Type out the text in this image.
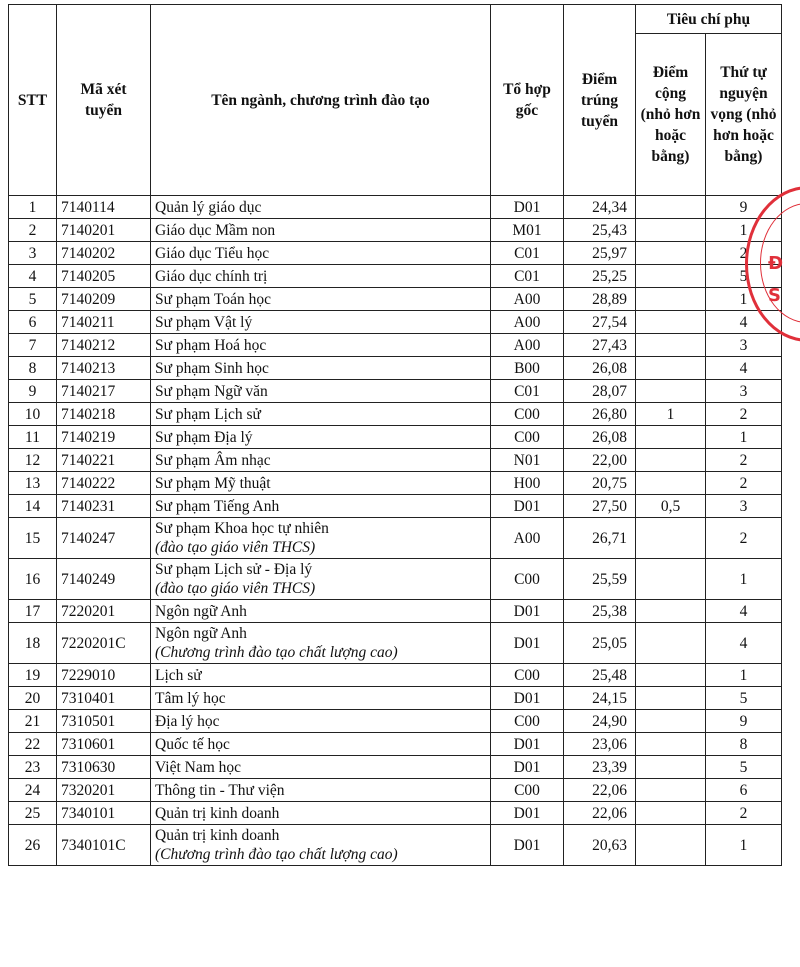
STT	Mã xét tuyển	Tên ngành, chương trình đào tạo	Tổ hợp gốc	Điểm trúng tuyển	Tiêu chí phụ	
					Điểm cộng (nhỏ hơn hoặc bằng)	Thứ tự nguyện vọng (nhỏ hơn hoặc bằng)
1	7140114	Quản lý giáo dục	D01	24,34		9
2	7140201	Giáo dục Mầm non	M01	25,43		1
3	7140202	Giáo dục Tiểu học	C01	25,97		2
4	7140205	Giáo dục chính trị	C01	25,25		5
5	7140209	Sư phạm Toán học	A00	28,89		1
6	7140211	Sư phạm Vật lý	A00	27,54		4
7	7140212	Sư phạm Hoá học	A00	27,43		3
8	7140213	Sư phạm Sinh học	B00	26,08		4
9	7140217	Sư phạm Ngữ văn	C01	28,07		3
10	7140218	Sư phạm Lịch sử	C00	26,80	1	2
11	7140219	Sư phạm Địa lý	C00	26,08		1
12	7140221	Sư phạm Âm nhạc	N01	22,00		2
13	7140222	Sư phạm Mỹ thuật	H00	20,75		2
14	7140231	Sư phạm Tiếng Anh	D01	27,50	0,5	3
15	7140247	Sư phạm Khoa học tự nhiên
(đào tạo giáo viên THCS)	A00	26,71		2
16	7140249	Sư phạm Lịch sử - Địa lý
(đào tạo giáo viên THCS)	C00	25,59		1
17	7220201	Ngôn ngữ Anh	D01	25,38		4
18	7220201C	Ngôn ngữ Anh
(Chương trình đào tạo chất lượng cao)	D01	25,05		4
19	7229010	Lịch sử	C00	25,48		1
20	7310401	Tâm lý học	D01	24,15		5
21	7310501	Địa lý học	C00	24,90		9
22	7310601	Quốc tế học	D01	23,06		8
23	7310630	Việt Nam học	D01	23,39		5
24	7320201	Thông tin - Thư viện	C00	22,06		6
25	7340101	Quản trị kinh doanh	D01	22,06		2
26	7340101C	Quản trị kinh doanh
(Chương trình đào tạo chất lượng cao)	D01	20,63		1
Đ
S
